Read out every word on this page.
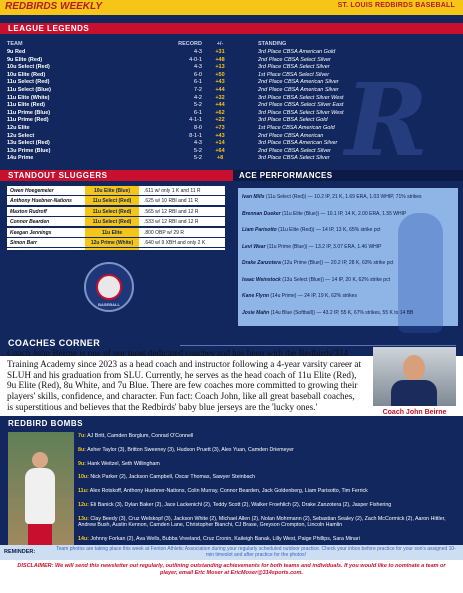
REDBIRDS WEEKLY	ST. LOUIS REDBIRDS BASEBALL
R
LEAGUE LEGENDS
TEAM	RECORD	+/-	STANDING
9u Red	4-3	+31	3rd Place CBSA American Gold
9u Elite (Red)	4-0-1	+48	2nd Place CBSA Select Silver
10u Select (Red)	4-3	+13	3rd Place CBSA Select Silver
10u Elite (Red)	6-0	+50	1st Place CBSA Select Silver
11u Select (Red)	6-1	+43	2nd Place CBSA American Silver
11u Select (Blue)	7-2	+44	2nd Place CBSA American Silver
11u Elite (White)	4-2	+32	3rd Place CBSA Select Silver West
11u Elite (Red)	5-2	+44	2nd Place CBSA Select Silver East
11u Prime (Blue)	6-1	+62	3rd Place CBSA Select Silver West
11u Prime (Red)	4-1-1	+22	3rd Place CBSA Select Gold
12u Elite	8-0	+73	1st Place CBSA American Gold
12u Select	8-1-1	+43	2nd Place CBSA American
13u Select (Red)	4-3	+14	3rd Place CBSA American Silver
13u Prime (Blue)	5-2	+64	2nd Place CBSA Select Silver
14u Prime	5-2	+8	3rd Place CBSA Select Silver
STANDOUT SLUGGERS
Owen Hoegemeier	10u Elite (Blue)	.611 w/ only 1 K and 11 R
Anthony Huebner-Nations	11u Select (Red)	.625 w/ 10 RBI and 11 R
Maxton Rudroff	11u Select (Red)	.565 w/ 12 RBI and 12 R
Connor Bearden	11u Select (Red)	.533 w/ 12 RBI and 12 R
Keegan Jennings	11u Elite	.800 OBP w/ 29 R
Simon Barr	12u Prime (White)	.640 w/ 9 XBH and only 2 K
BASEBALL
ACE PERFORMANCES
Ivan Mills (11u Select (Red)) — 10.2 IP, 21 K, 1.69 ERA, 1.03 WHIP, 71% strikes
Brennan Dueker (11u Elite (Blue)) — 10.1 IP, 14 K, 2.00 ERA, 1.55 WHIP
Liam Parisotto (11u Elite (Red)) — 14 IP, 13 K, 65% strike pct
Levi Wear (11u Prime (Blue)) — 13.2 IP, 3.07 ERA, 1.46 WHIP
Drake Zanzotera (12u Prime (Blue)) — 20.2 IP, 28 K, 63% strike pct
Isaac Weinstock (13u Select (Blue)) — 14 IP, 20 K, 62% strike pct
Kane Flynn (14u Prime) — 24 IP, 19 K, 62% strikes
Josie Mahn (14u Blue (Softball)) — 43.2 IP, 55 K, 67% strikes, 55 K to 14 BB
COACHES CORNER
Coach John Beirne is one of our most dedicated coaches and has been with the Redbirds/314 Training Academy since 2023 as a head coach and instructor following a 4-year varsity career at SLUH and his graduation from SLU. Currently, he serves as the head coach of 11u Elite (Red), 9u Elite (Red), 8u White, and 7u Blue. There are few coaches more committed to growing their players' skills, confidence, and character. Fun fact: Coach John, like all great baseball coaches, is superstitious and believes that the Redbirds' baby blue jerseys are the 'lucky ones.'
Coach John Beirne
REDBIRD BOMBS
7u: AJ Britt, Camden Borglum, Conrad O'Connell
8u: Asher Taylor (3), Britton Sweeney (3), Hudson Pruett (3), Alex Yuan, Camden Driemeyer
9u: Hank Weitzel, Seth Willingham
10u: Nick Parker (2), Jackson Campbell, Oscar Thomas, Sawyer Steinbach
11u: Alex Rotskoff, Anthony Huebner-Nations, Colin Murray, Connor Bearden, Jack Goldenberg, Liam Parisotto, Tim Ferrick
12u: Eli Banick (3), Dylan Baker (2), Jace Lackenichl (2), Teddy Scott (2), Walker Froehlich (2), Drake Zanzotera (2), Jasper Fishering
13u: Clay Beedy (3), Cruz Welskopf (3), Jackson White (2), Michael Allen (2), Nolan Mohrmann (2), Sebastian Sealey (2), Zach McCormick (2), Aaron Hittler, Andrew Bush, Austin Kennon, Camden Lane, Christopher Bianchi, CJ Brase, Greyson Crompton, Lincoln Hamlin
14u: Johnny Forkan (2), Ava Wells, Bubba Vreeland, Cruz Cronin, Kaileigh Banak, Lilly West, Paige Phillips, Sara Minari
REMINDER:	Team photos are taking place this week at Fenton Athletic Association during your regularly scheduled outdoor practice. Check your inbox before practice for your son's assigned 10-min timeslot and after practice for the photos!
DISCLAIMER: We will send this newsletter out regularly, outlining outstanding achievements for both teams and individuals. If you would like to nominate a team or player, email Eric Moser at EricMoser@314sports.com.
